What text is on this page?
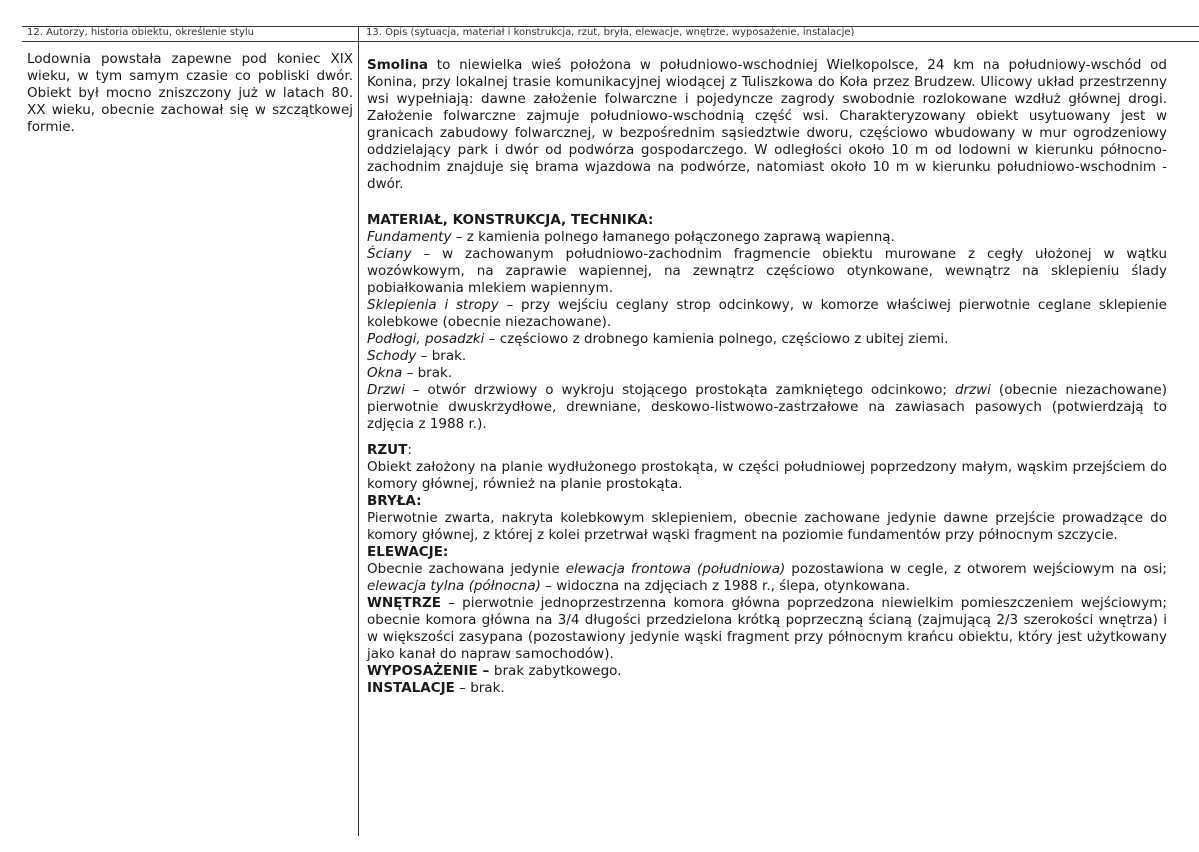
12. Autorzy, historia obiektu, określenie stylu	13. Opis (sytuacja, materiał i konstrukcja, rzut, bryła, elewacje, wnętrze, wyposażenie, instalacje)
Lodownia powstała zapewne pod koniec XIX wieku, w tym samym czasie co pobliski dwór. Obiekt był mocno zniszczony już w latach 80. XX wieku, obecnie zachował się w szczątkowej formie.

Smolina to niewielka wieś położona w południowo-wschodniej Wielkopolsce, 24 km na południowy-wschód od Konina, przy lokalnej trasie komunikacyjnej wiodącej z Tuliszkowa do Koła przez Brudzew. Ulicowy układ przestrzenny wsi wypełniają: dawne założenie folwarczne i pojedyncze zagrody swobodnie rozlokowane wzdłuż głównej drogi. Założenie folwarczne zajmuje południowo-wschodnią część wsi. Charakteryzowany obiekt usytuowany jest w granicach zabudowy folwarcznej, w bezpośrednim sąsiedztwie dworu, częściowo wbudowany w mur ogrodzeniowy oddzielający park i dwór od podwórza gospodarczego. W odległości około 10 m od lodowni w kierunku północno-zachodnim znajduje się brama wjazdowa na podwórze, natomiast około 10 m w kierunku południowo-wschodnim - dwór.

MATERIAŁ, KONSTRUKCJA, TECHNIKA:

Fundamenty – z kamienia polnego łamanego połączonego zaprawą wapienną.

Ściany – w zachowanym południowo-zachodnim fragmencie obiektu murowane z cegły ułożonej w wątku wozówkowym, na zaprawie wapiennej, na zewnątrz częściowo otynkowane, wewnątrz na sklepieniu ślady pobiałkowania mlekiem wapiennym.

Sklepienia i stropy – przy wejściu ceglany strop odcinkowy, w komorze właściwej pierwotnie ceglane sklepienie kolebkowe (obecnie niezachowane).

Podłogi, posadzki – częściowo z drobnego kamienia polnego, częściowo z ubitej ziemi.

Schody – brak.

Okna – brak.

Drzwi – otwór drzwiowy o wykroju stojącego prostokąta zamkniętego odcinkowo; drzwi (obecnie niezachowane) pierwotnie dwuskrzydłowe, drewniane, deskowo-listwowo-zastrzałowe na zawiasach pasowych (potwierdzają to zdjęcia z 1988 r.).

RZUT:

Obiekt założony na planie wydłużonego prostokąta, w części południowej poprzedzony małym, wąskim przejściem do komory głównej, również na planie prostokąta.

BRYŁA:

Pierwotnie zwarta, nakryta kolebkowym sklepieniem, obecnie zachowane jedynie dawne przejście prowadzące do komory głównej, z której z kolei przetrwał wąski fragment na poziomie fundamentów przy północnym szczycie.

ELEWACJE:

Obecnie zachowana jedynie elewacja frontowa (południowa) pozostawiona w cegle, z otworem wejściowym na osi; elewacja tylna (północna) – widoczna na zdjęciach z 1988 r., ślepa, otynkowana.

WNĘTRZE – pierwotnie jednoprzestrzenna komora główna poprzedzona niewielkim pomieszczeniem wejściowym; obecnie komora główna na 3/4 długości przedzielona krótką poprzeczną ścianą (zajmującą 2/3 szerokości wnętrza) i w większości zasypana (pozostawiony jedynie wąski fragment przy północnym krańcu obiektu, który jest użytkowany jako kanał do napraw samochodów).

WYPOSAŻENIE – brak zabytkowego.

INSTALACJE – brak.
